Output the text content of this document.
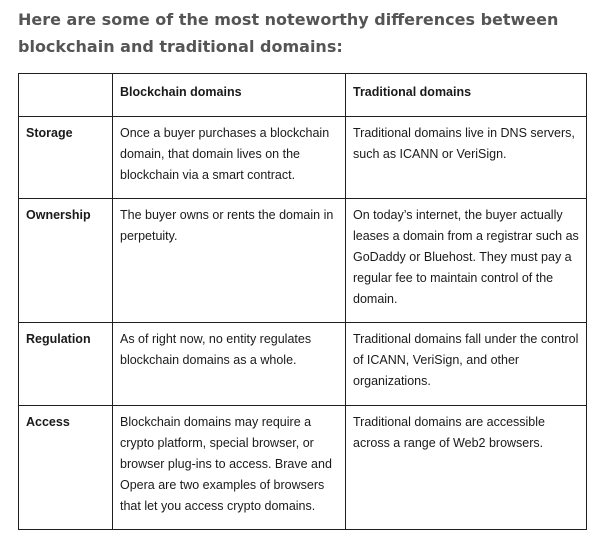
Here are some of the most noteworthy differences between blockchain and traditional domains:

	Blockchain domains	Traditional domains
Storage	Once a buyer purchases a blockchain domain, that domain lives on the blockchain via a smart contract.	Traditional domains live in DNS servers, such as ICANN or VeriSign.
Ownership	The buyer owns or rents the domain in perpetuity.	On today’s internet, the buyer actually leases a domain from a registrar such as GoDaddy or Bluehost. They must pay a regular fee to maintain control of the domain.
Regulation	As of right now, no entity regulates blockchain domains as a whole.	Traditional domains fall under the control of ICANN, VeriSign, and other organizations.
Access	Blockchain domains may require a crypto platform, special browser, or browser plug-ins to access. Brave and Opera are two examples of browsers that let you access crypto domains.	Traditional domains are accessible across a range of Web2 browsers.
